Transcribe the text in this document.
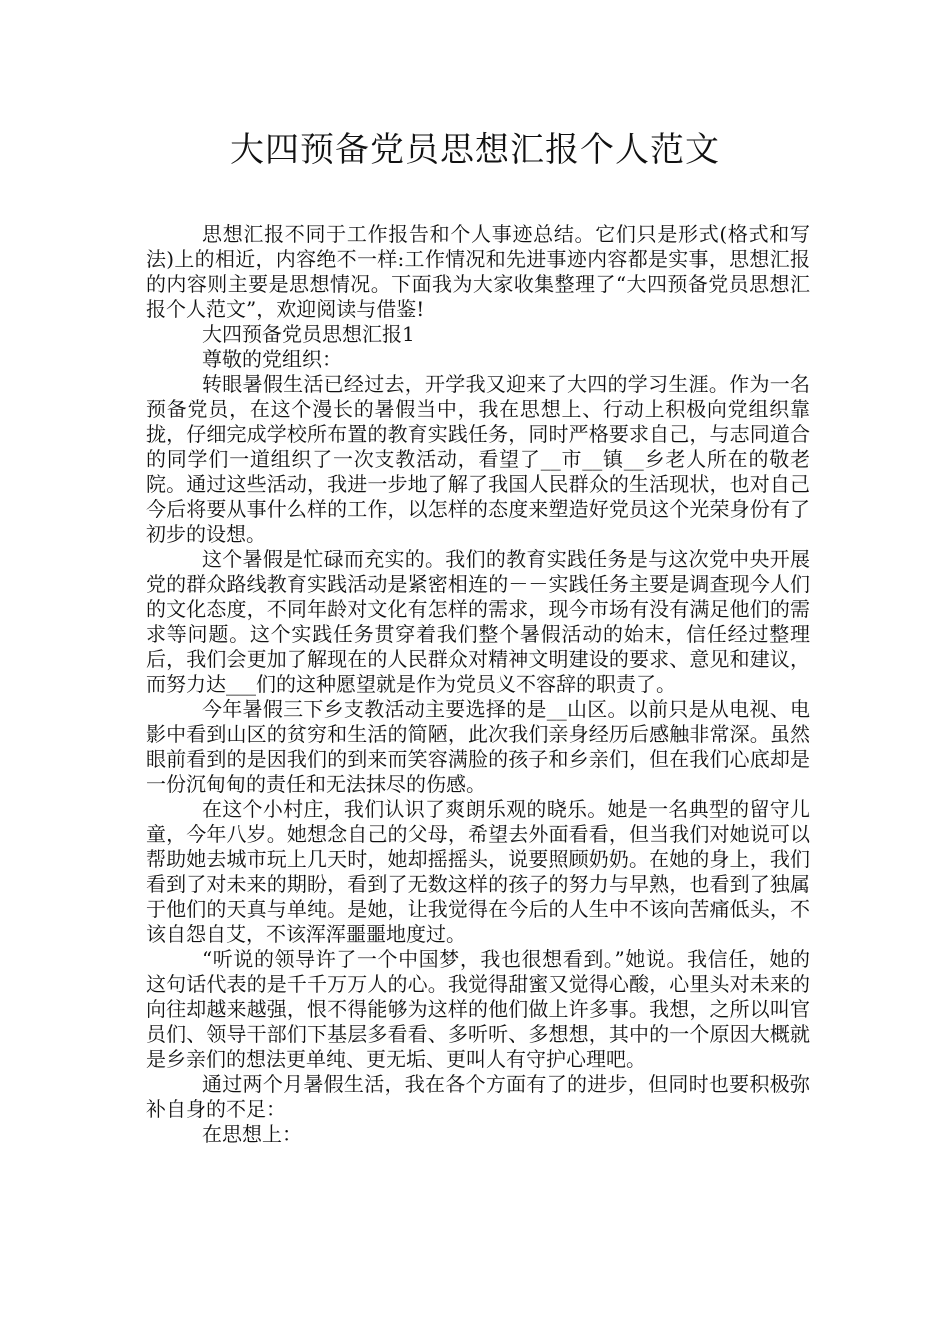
大四预备党员思想汇报个人范文

思想汇报不同于工作报告和个人事迹总结。它们只是形式(格式和写法)上的相近，内容绝不一样:工作情况和先进事迹内容都是实事，思想汇报的内容则主要是思想情况。下面我为大家收集整理了“大四预备党员思想汇报个人范文”，欢迎阅读与借鉴!

大四预备党员思想汇报1

尊敬的党组织：

转眼暑假生活已经过去，开学我又迎来了大四的学习生涯。作为一名预备党员，在这个漫长的暑假当中，我在思想上、行动上积极向党组织靠拢，仔细完成学校所布置的教育实践任务，同时严格要求自己，与志同道合的同学们一道组织了一次支教活动，看望了__市__镇__乡老人所在的敬老院。通过这些活动，我进一步地了解了我国人民群众的生活现状，也对自己今后将要从事什么样的工作，以怎样的态度来塑造好党员这个光荣身份有了初步的设想。

这个暑假是忙碌而充实的。我们的教育实践任务是与这次党中央开展党的群众路线教育实践活动是紧密相连的－－实践任务主要是调查现今人们的文化态度，不同年龄对文化有怎样的需求，现今市场有没有满足他们的需求等问题。这个实践任务贯穿着我们整个暑假活动的始末，信任经过整理后，我们会更加了解现在的人民群众对精神文明建设的要求、意见和建议，而努力达___们的这种愿望就是作为党员义不容辞的职责了。

今年暑假三下乡支教活动主要选择的是__山区。以前只是从电视、电影中看到山区的贫穷和生活的简陋，此次我们亲身经历后感触非常深。虽然眼前看到的是因我们的到来而笑容满脸的孩子和乡亲们，但在我们心底却是一份沉甸甸的责任和无法抹尽的伤感。

在这个小村庄，我们认识了爽朗乐观的晓乐。她是一名典型的留守儿童，今年八岁。她想念自己的父母，希望去外面看看，但当我们对她说可以帮助她去城市玩上几天时，她却摇摇头，说要照顾奶奶。在她的身上，我们看到了对未来的期盼，看到了无数这样的孩子的努力与早熟，也看到了独属于他们的天真与单纯。是她，让我觉得在今后的人生中不该向苦痛低头，不该自怨自艾，不该浑浑噩噩地度过。

“听说的领导许了一个中国梦，我也很想看到。”她说。我信任，她的这句话代表的是千千万万人的心。我觉得甜蜜又觉得心酸，心里头对未来的向往却越来越强，恨不得能够为这样的他们做上许多事。我想，之所以叫官员们、领导干部们下基层多看看、多听听、多想想，其中的一个原因大概就是乡亲们的想法更单纯、更无垢、更叫人有守护心理吧。

通过两个月暑假生活，我在各个方面有了的进步，但同时也要积极弥补自身的不足：

在思想上：
